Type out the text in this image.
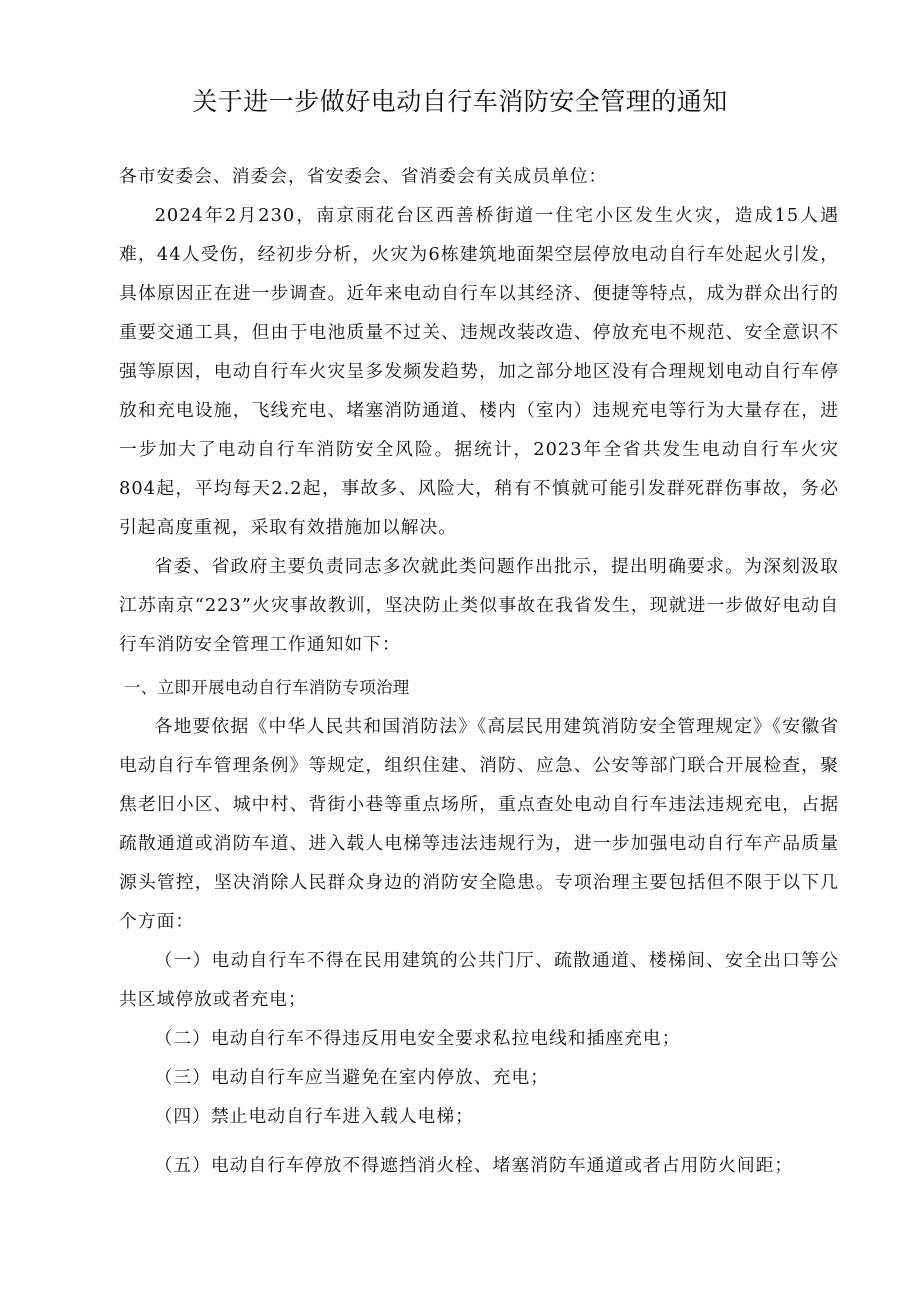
关于进一步做好电动自行车消防安全管理的通知

各市安委会、消委会，省安委会、省消委会有关成员单位：

2024年2月230，南京雨花台区西善桥街道一住宅小区发生火灾，造成15人遇难，44人受伤，经初步分析，火灾为6栋建筑地面架空层停放电动自行车处起火引发，具体原因正在进一步调查。近年来电动自行车以其经济、便捷等特点，成为群众出行的重要交通工具，但由于电池质量不过关、违规改装改造、停放充电不规范、安全意识不强等原因，电动自行车火灾呈多发频发趋势，加之部分地区没有合理规划电动自行车停放和充电设施，飞线充电、堵塞消防通道、楼内（室内）违规充电等行为大量存在，进一步加大了电动自行车消防安全风险。据统计，2023年全省共发生电动自行车火灾804起，平均每天2.2起，事故多、风险大，稍有不慎就可能引发群死群伤事故，务必引起高度重视，采取有效措施加以解决。

省委、省政府主要负责同志多次就此类问题作出批示，提出明确要求。为深刻汲取江苏南京“223”火灾事故教训，坚决防止类似事故在我省发生，现就进一步做好电动自行车消防安全管理工作通知如下：

一、立即开展电动自行车消防专项治理

各地要依据《中华人民共和国消防法》《高层民用建筑消防安全管理规定》《安徽省电动自行车管理条例》等规定，组织住建、消防、应急、公安等部门联合开展检查，聚焦老旧小区、城中村、背街小巷等重点场所，重点查处电动自行车违法违规充电，占据疏散通道或消防车道、进入载人电梯等违法违规行为，进一步加强电动自行车产品质量源头管控，坚决消除人民群众身边的消防安全隐患。专项治理主要包括但不限于以下几个方面：

（一）电动自行车不得在民用建筑的公共门厅、疏散通道、楼梯间、安全出口等公共区域停放或者充电；

（二）电动自行车不得违反用电安全要求私拉电线和插座充电；

（三）电动自行车应当避免在室内停放、充电；

（四）禁止电动自行车进入载人电梯；

（五）电动自行车停放不得遮挡消火栓、堵塞消防车通道或者占用防火间距；
